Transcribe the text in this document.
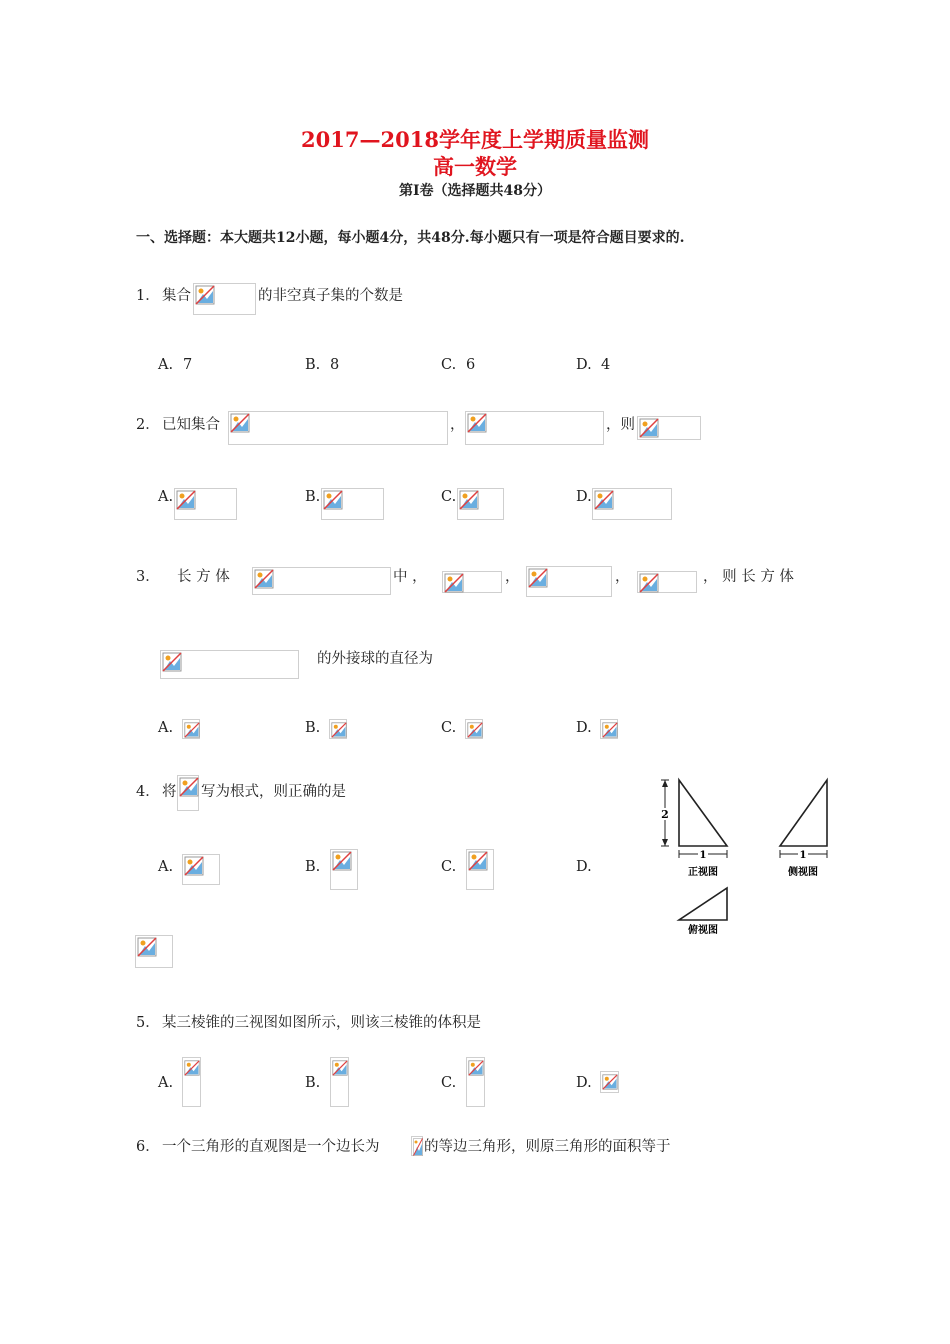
2017—2018学年度上学期质量监测
高一数学
第Ⅰ卷（选择题共48分）
一、选择题：本大题共12小题，每小题4分，共48分.每小题只有一项是符合题目要求的.
1． 集合	的非空真子集的个数是
A. 7	B. 8	C. 6	D. 4
2． 已知集合	，	，则
A.	B.	C.	D.
3． 长 方 体	中 ，	，	，	， 则 长 方 体
的外接球的直径为
A.	B.	C.	D.
4． 将 写为根式，则正确的是
A.	B.	C.	D.
2
1
正视图
1
侧视图
俯视图
5． 某三棱锥的三视图如图所示，则该三棱锥的体积是
A.	B.	C.	D.
6． 一个三角形的直观图是一个边长为	的等边三角形，则原三角形的面积等于
